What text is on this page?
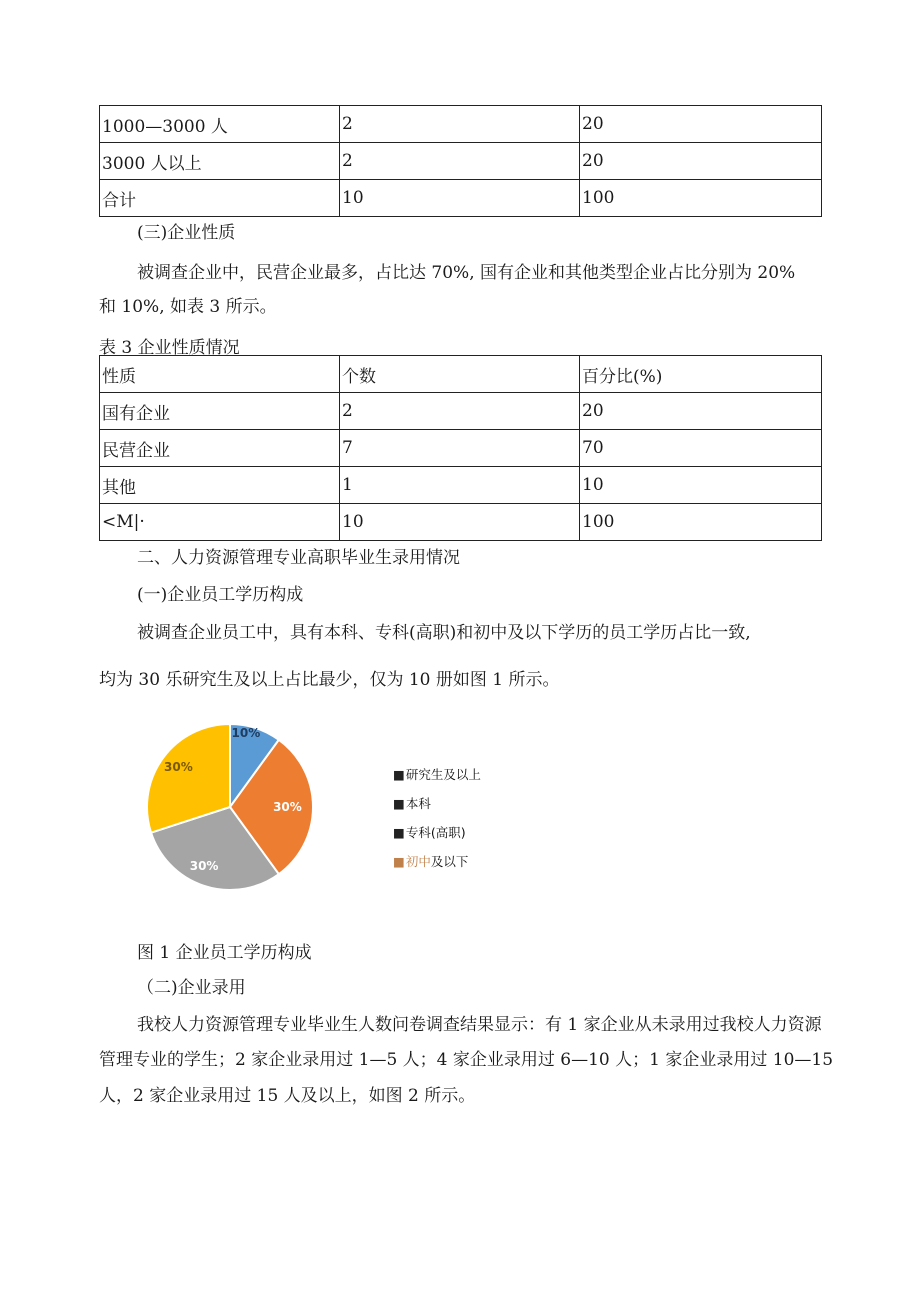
1000—3000 人	2	20
3000 人以上	2	20
合计	10	100
(三)企业性质
被调查企业中，民营企业最多，占比达 70%, 国有企业和其他类型企业占比分别为 20%
和 10%, 如表 3 所示。
表 3 企业性质情况
性质	个数	百分比(%)
国有企业	2	20
民营企业	7	70
其他	1	10
<M|·	10	100
二、人力资源管理专业高职毕业生录用情况
(一)企业员工学历构成
被调查企业员工中，具有本科、专科(高职)和初中及以下学历的员工学历占比一致,
均为 30 乐研究生及以上占比最少，仅为 10 册如图 1 所示。
10%
30%
30%
30%
■研究生及以上
■本科
■专科(高职)
■初中及以下
图 1 企业员工学历构成
（二)企业录用
我校人力资源管理专业毕业生人数问卷调查结果显示：有 1 家企业从未录用过我校人力资源
管理专业的学生；2 家企业录用过 1—5 人；4 家企业录用过 6—10 人；1 家企业录用过 10—15
人，2 家企业录用过 15 人及以上，如图 2 所示。
